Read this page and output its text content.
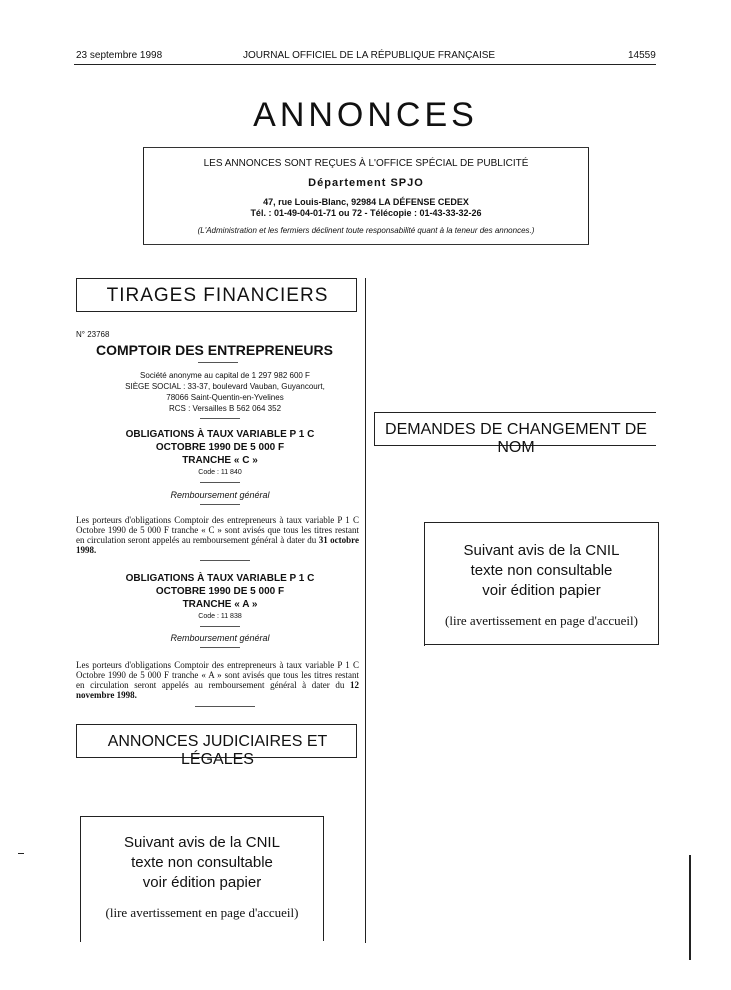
23 septembre 1998	JOURNAL OFFICIEL DE LA RÉPUBLIQUE FRANÇAISE	14559
ANNONCES

LES ANNONCES SONT REÇUES À L'OFFICE SPÉCIAL DE PUBLICITÉ

Département SPJO

47, rue Louis-Blanc, 92984 LA DÉFENSE CEDEX

Tél. : 01-49-04-01-71 ou 72 - Télécopie : 01-43-33-32-26

(L'Administration et les fermiers déclinent toute responsabilité quant à la teneur des annonces.)

TIRAGES FINANCIERS
N° 23768
COMPTOIR DES ENTREPRENEURS
Société anonyme au capital de 1 297 982 600 F
SIÈGE SOCIAL : 33-37, boulevard Vauban, Guyancourt,
78066 Saint-Quentin-en-Yvelines
RCS : Versailles B 562 064 352
OBLIGATIONS À TAUX VARIABLE P 1 C
OCTOBRE 1990 DE 5 000 F
TRANCHE « C »
Code : 11 840
Remboursement général
Les porteurs d'obligations Comptoir des entrepreneurs à taux variable P 1 C Octobre 1990 de 5 000 F tranche « C » sont avisés que tous les titres restant en circulation seront appelés au remboursement général à dater du 31 octobre 1998.
OBLIGATIONS À TAUX VARIABLE P 1 C
OCTOBRE 1990 DE 5 000 F
TRANCHE « A »
Code : 11 838
Remboursement général
Les porteurs d'obligations Comptoir des entrepreneurs à taux variable P 1 C Octobre 1990 de 5 000 F tranche « A » sont avisés que tous les titres restant en circulation seront appelés au remboursement général à dater du 12 novembre 1998.
ANNONCES JUDICIAIRES ET LÉGALES
Suivant avis de la CNIL
texte non consultable
voir édition papier
(lire avertissement en page d'accueil)
DEMANDES DE CHANGEMENT DE NOM
Suivant avis de la CNIL
texte non consultable
voir édition papier
(lire avertissement en page d'accueil)
